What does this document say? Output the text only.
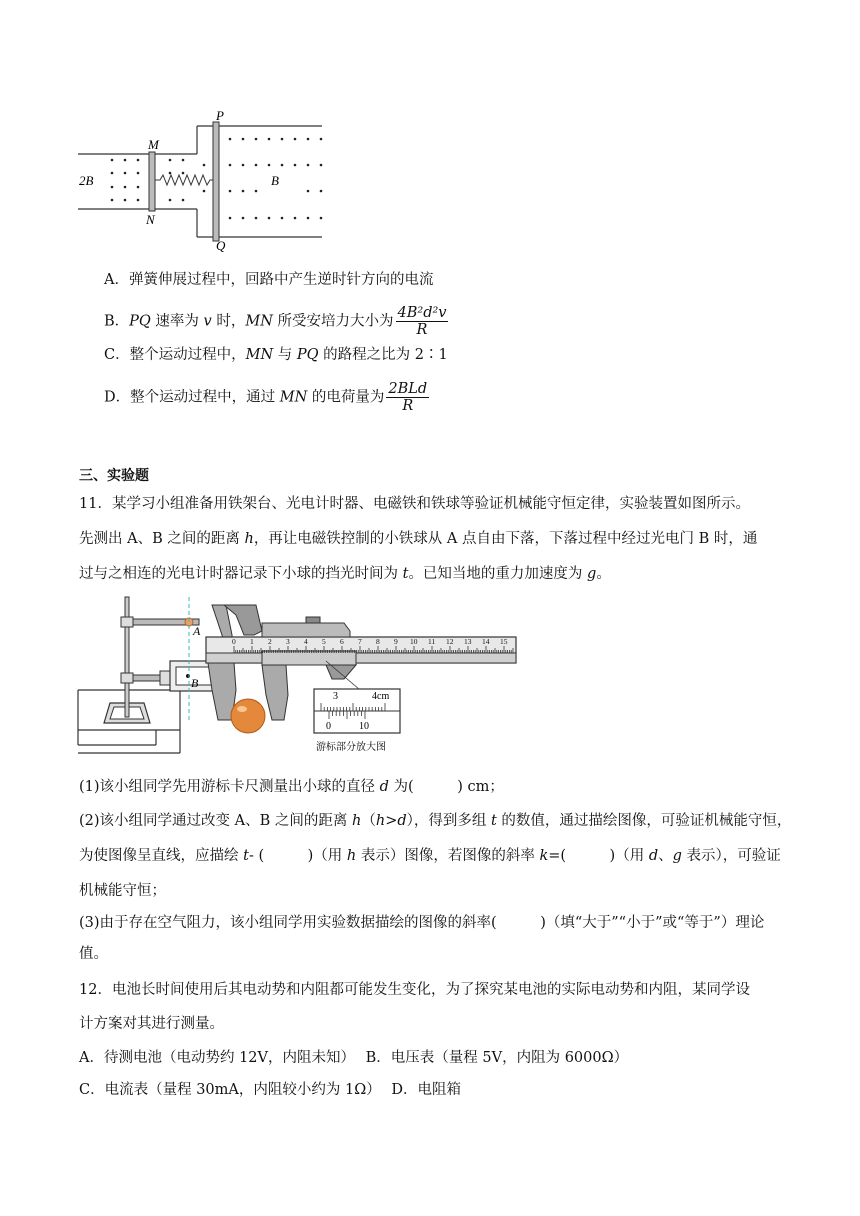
P
M
N
Q
2B	B
A．弹簧伸展过程中，回路中产生逆时针方向的电流
B．PQ 速率为 v 时，MN 所受安培力大小为 $\frac{\text{4B²d²v}}{R}$
C．整个运动过程中，MN 与 PQ 的路程之比为 2∶1
D．整个运动过程中，通过 MN 的电荷量为 $\frac{\text{2BLd}}{R}$
三、实验题
11．某学习小组准备用铁架台、光电计时器、电磁铁和铁球等验证机械能守恒定律，实验装置如图所示。
先测出 A、B 之间的距离 h，再让电磁铁控制的小铁球从 A 点自由下落，下落过程中经过光电门 B 时，通
过与之相连的光电计时器记录下小球的挡光时间为 t。已知当地的重力加速度为 g。
A
B
0 1 2 3 4 5 6 7 8 9 10 11 12 13 14 15
3	4cm
0	10
游标部分放大图
(1)该小组同学先用游标卡尺测量出小球的直径 d 为(　　　) cm；
(2)该小组同学通过改变 A、B 之间的距离 h（h>d），得到多组 t 的数值，通过描绘图像，可验证机械能守恒，
为使图像呈直线，应描绘 t- (　　　)（用 h 表示）图像，若图像的斜率 k=(　　　)（用 d、g 表示），可验证
机械能守恒；
(3)由于存在空气阻力，该小组同学用实验数据描绘的图像的斜率(　　　)（填“大于”“小于”或“等于”）理论
值。
12．电池长时间使用后其电动势和内阻都可能发生变化，为了探究某电池的实际电动势和内阻，某同学设
计方案对其进行测量。
A．待测电池（电动势约 12V，内阻未知） B．电压表（量程 5V，内阻为 6000Ω）
C．电流表（量程 30mA，内阻较小约为 1Ω） D．电阻箱
